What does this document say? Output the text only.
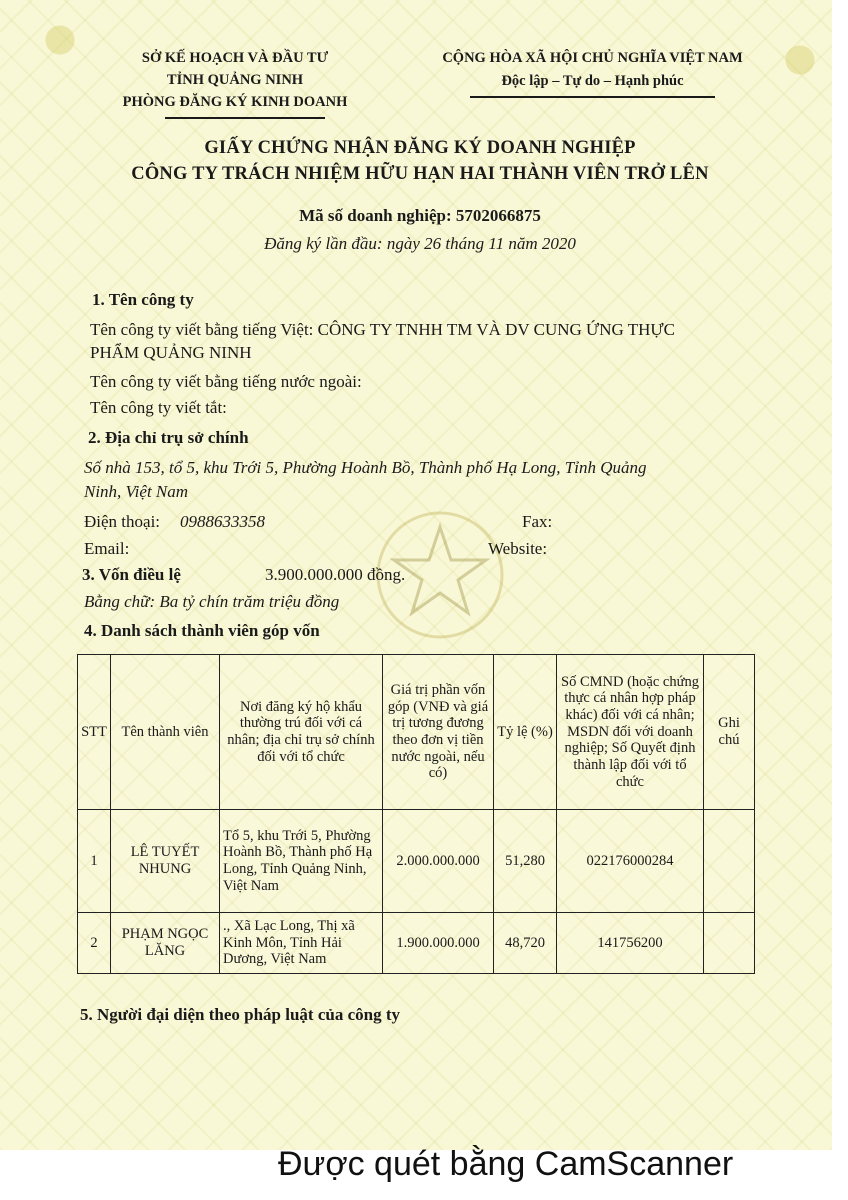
SỞ KẾ HOẠCH VÀ ĐẦU TƯ
TỈNH QUẢNG NINH
PHÒNG ĐĂNG KÝ KINH DOANH
CỘNG HÒA XÃ HỘI CHỦ NGHĨA VIỆT NAM
Độc lập – Tự do – Hạnh phúc
GIẤY CHỨNG NHẬN ĐĂNG KÝ DOANH NGHIỆP
CÔNG TY TRÁCH NHIỆM HỮU HẠN HAI THÀNH VIÊN TRỞ LÊN
Mã số doanh nghiệp: 5702066875
Đăng ký lần đầu: ngày 26 tháng 11 năm 2020
1. Tên công ty
Tên công ty viết bằng tiếng Việt: CÔNG TY TNHH TM VÀ DV CUNG ỨNG THỰC
PHẨM QUẢNG NINH
Tên công ty viết bằng tiếng nước ngoài:
Tên công ty viết tắt:
2. Địa chỉ trụ sở chính
Số nhà 153, tổ 5, khu Trới 5, Phường Hoành Bồ, Thành phố Hạ Long, Tỉnh Quảng
Ninh, Việt Nam
Điện thoại: 0988633358	Fax:
Email:	Website:
3. Vốn điều lệ	3.900.000.000 đồng.
Bằng chữ: Ba tỷ chín trăm triệu đồng
4. Danh sách thành viên góp vốn
STT	Tên thành viên	Nơi đăng ký hộ khẩu thường trú đối với cá nhân; địa chỉ trụ sở chính đối với tổ chức	Giá trị phần vốn góp (VNĐ và giá trị tương đương theo đơn vị tiền nước ngoài, nếu có)	Tỷ lệ (%)	Số CMND (hoặc chứng thực cá nhân hợp pháp khác) đối với cá nhân; MSDN đối với doanh nghiệp; Số Quyết định thành lập đối với tổ chức	Ghi chú
1	LÊ TUYẾT NHUNG	Tổ 5, khu Trới 5, Phường Hoành Bồ, Thành phố Hạ Long, Tỉnh Quảng Ninh, Việt Nam	2.000.000.000	51,280	022176000284	
2	PHẠM NGỌC LĂNG	., Xã Lạc Long, Thị xã Kinh Môn, Tỉnh Hải Dương, Việt Nam	1.900.000.000	48,720	141756200	
5. Người đại diện theo pháp luật của công ty
Được quét bằng CamScanner
